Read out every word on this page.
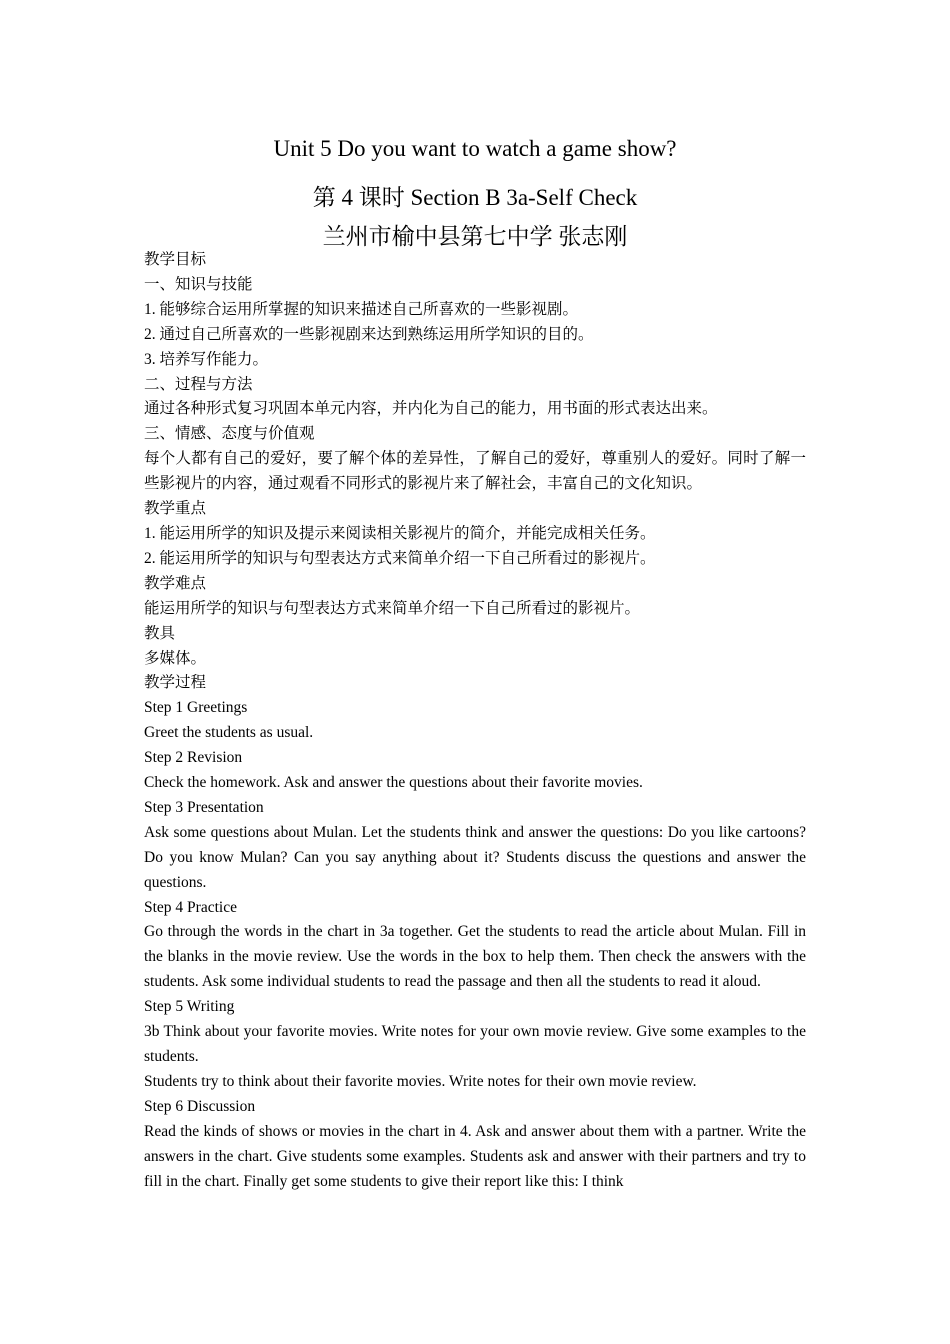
Unit 5 Do you want to watch a game show?
第 4 课时 Section B 3a-Self Check
兰州市榆中县第七中学 张志刚

教学目标

一、知识与技能

1. 能够综合运用所掌握的知识来描述自己所喜欢的一些影视剧。

2. 通过自己所喜欢的一些影视剧来达到熟练运用所学知识的目的。

3. 培养写作能力。

二、过程与方法

通过各种形式复习巩固本单元内容，并内化为自己的能力，用书面的形式表达出来。

三、情感、态度与价值观

每个人都有自己的爱好，要了解个体的差异性，了解自己的爱好，尊重别人的爱好。同时了解一些影视片的内容，通过观看不同形式的影视片来了解社会，丰富自己的文化知识。

教学重点

1. 能运用所学的知识及提示来阅读相关影视片的简介，并能完成相关任务。

2. 能运用所学的知识与句型表达方式来简单介绍一下自己所看过的影视片。

教学难点

能运用所学的知识与句型表达方式来简单介绍一下自己所看过的影视片。

教具

多媒体。

教学过程

Step 1 Greetings

Greet the students as usual.

Step 2 Revision

Check the homework. Ask and answer the questions about their favorite movies.

Step 3 Presentation

Ask some questions about Mulan. Let the students think and answer the questions: Do you like cartoons? Do you know Mulan? Can you say anything about it? Students discuss the questions and answer the questions.

Step 4 Practice

Go through the words in the chart in 3a together. Get the students to read the article about Mulan. Fill in the blanks in the movie review. Use the words in the box to help them. Then check the answers with the students. Ask some individual students to read the passage and then all the students to read it aloud.

Step 5 Writing

3b Think about your favorite movies. Write notes for your own movie review. Give some examples to the students.

Students try to think about their favorite movies. Write notes for their own movie review.

Step 6 Discussion

Read the kinds of shows or movies in the chart in 4. Ask and answer about them with a partner. Write the answers in the chart. Give students some examples. Students ask and answer with their partners and try to fill in the chart. Finally get some students to give their report like this: I think
